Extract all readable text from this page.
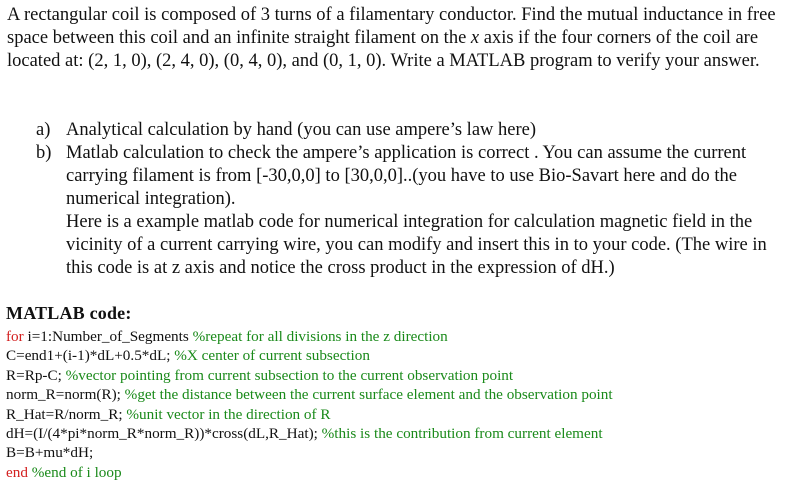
A rectangular coil is composed of 3 turns of a filamentary conductor. Find the mutual inductance in free space between this coil and an infinite straight filament on the x axis if the four corners of the coil are located at: (2, 1, 0), (2, 4, 0), (0, 4, 0), and (0, 1, 0). Write a MATLAB program to verify your answer.
a) Analytical calculation by hand (you can use ampere’s law here)

b) Matlab calculation to check the ampere’s application is correct . You can assume the current carrying filament is from [-30,0,0] to [30,0,0]..(you have to use Bio-Savart here and do the numerical integration).

Here is a example matlab code for numerical integration for calculation magnetic field in the vicinity of a current carrying wire, you can modify and insert this in to your code. (The wire in this code is at z axis and notice the cross product in the expression of dH.)

MATLAB code:
for i=1:Number_of_Segments %repeat for all divisions in the z direction
C=end1+(i-1)*dL+0.5*dL; %X center of current subsection
R=Rp-C; %vector pointing from current subsection to the current observation point
norm_R=norm(R); %get the distance between the current surface element and the observation point
R_Hat=R/norm_R; %unit vector in the direction of R
dH=(I/(4*pi*norm_R*norm_R))*cross(dL,R_Hat); %this is the contribution from current element
B=B+mu*dH;
end %end of i loop
